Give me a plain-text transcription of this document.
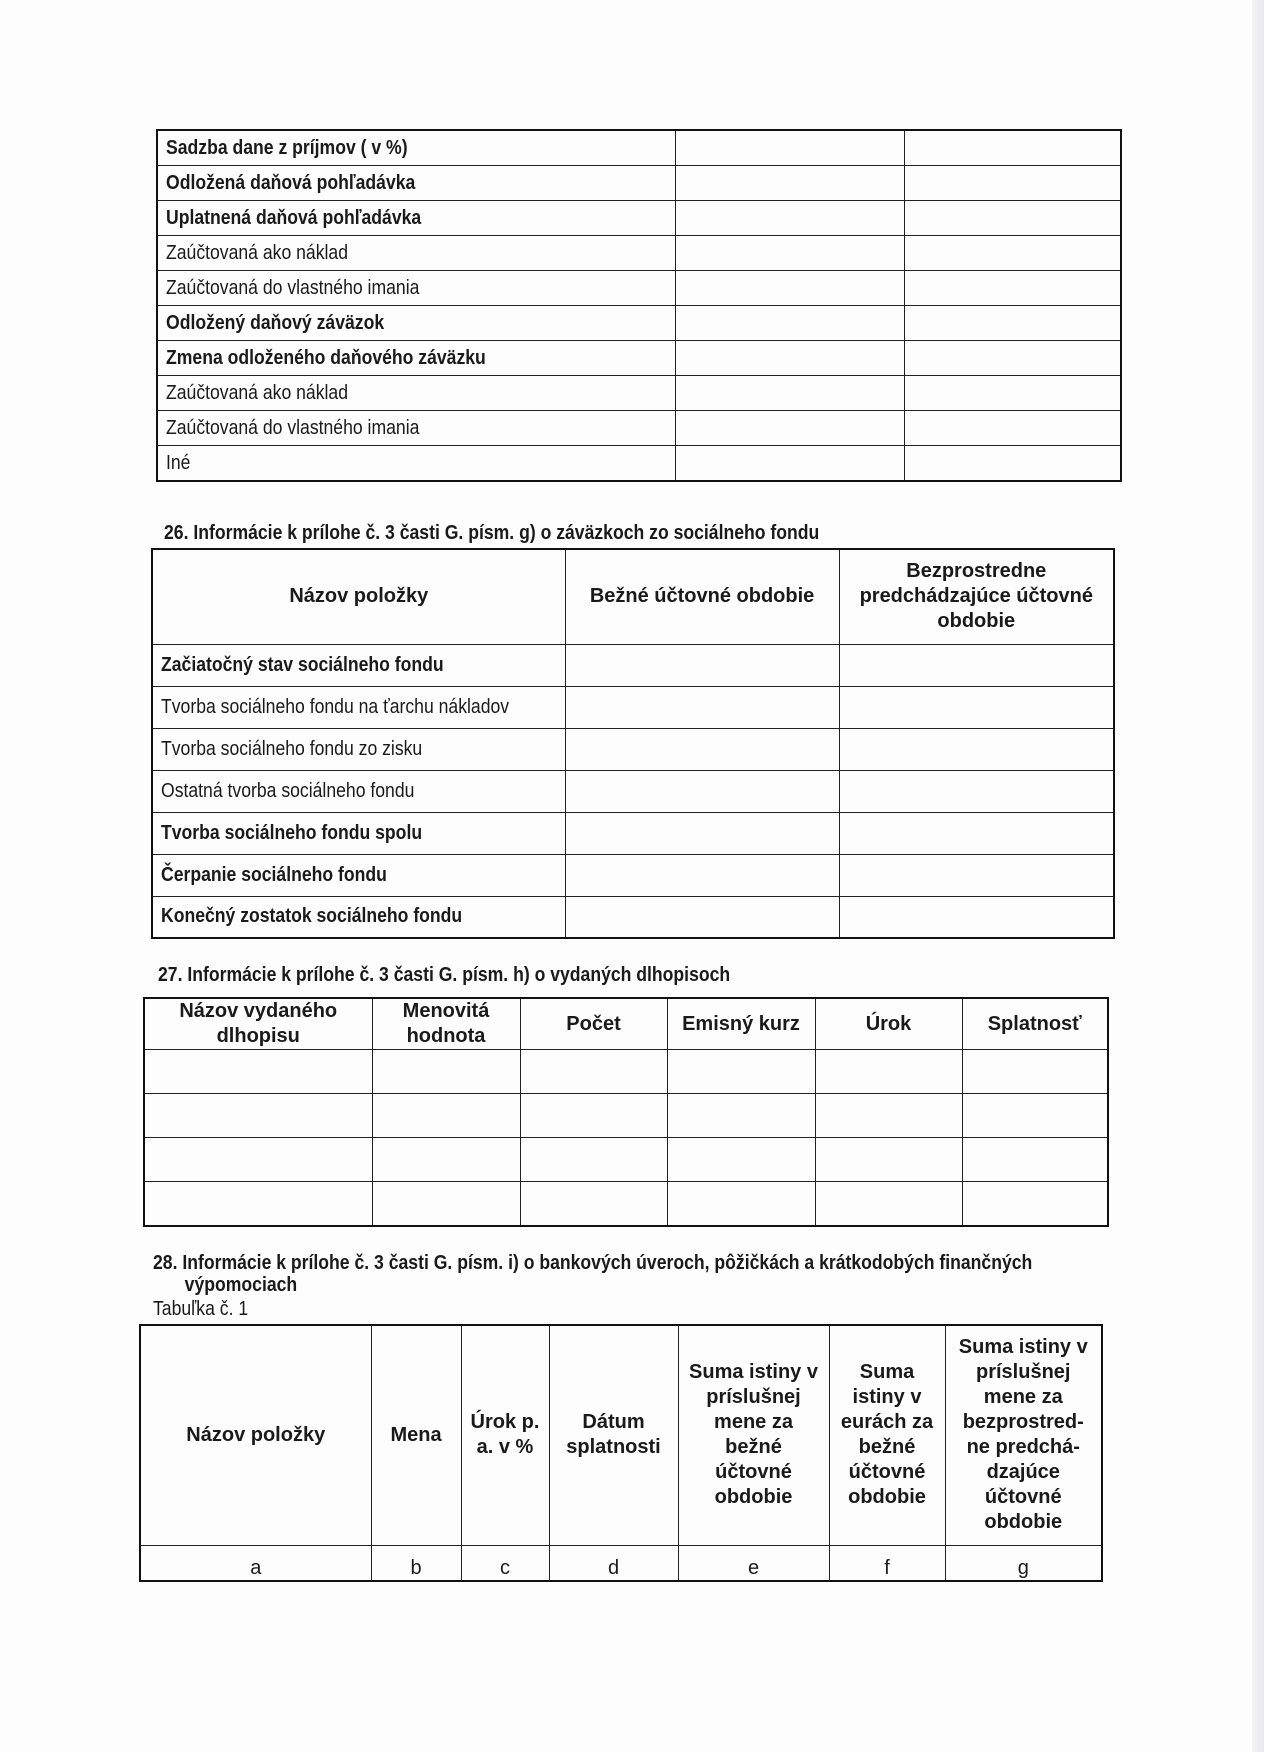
Sadzba dane z príjmov ( v %)		
Odložená daňová pohľadávka		
Uplatnená daňová pohľadávka		
Zaúčtovaná ako náklad		
Zaúčtovaná do vlastného imania		
Odložený daňový záväzok		
Zmena odloženého daňového záväzku		
Zaúčtovaná ako náklad		
Zaúčtovaná do vlastného imania		
Iné		
26. Informácie k prílohe č. 3 časti G. písm. g) o záväzkoch zo sociálneho fondu
Názov položky	Bežné účtovné obdobie	Bezprostredne predchádzajúce účtovné obdobie
Začiatočný stav sociálneho fondu		
Tvorba sociálneho fondu na ťarchu nákladov		
Tvorba sociálneho fondu zo zisku		
Ostatná tvorba sociálneho fondu		
Tvorba sociálneho fondu spolu		
Čerpanie sociálneho fondu		
Konečný zostatok sociálneho fondu		
27. Informácie k prílohe č. 3 časti G. písm. h) o vydaných dlhopisoch
Názov vydaného dlhopisu	Menovitá hodnota	Počet	Emisný kurz	Úrok	Splatnosť

28. Informácie k prílohe č. 3 časti G. písm. i) o bankových úveroch, pôžičkách a krátkodobých finančných výpomociach
Tabuľka č. 1
Názov položky	Mena	Úrok p. a. v %	Dátum splatnosti	Suma istiny v príslušnej mene za bežné účtovné obdobie	Suma istiny v eurách za bežné účtovné obdobie	Suma istiny v príslušnej mene za bezprostred-ne predchá-dzajúce účtovné obdobie
a	b	c	d	e	f	g
